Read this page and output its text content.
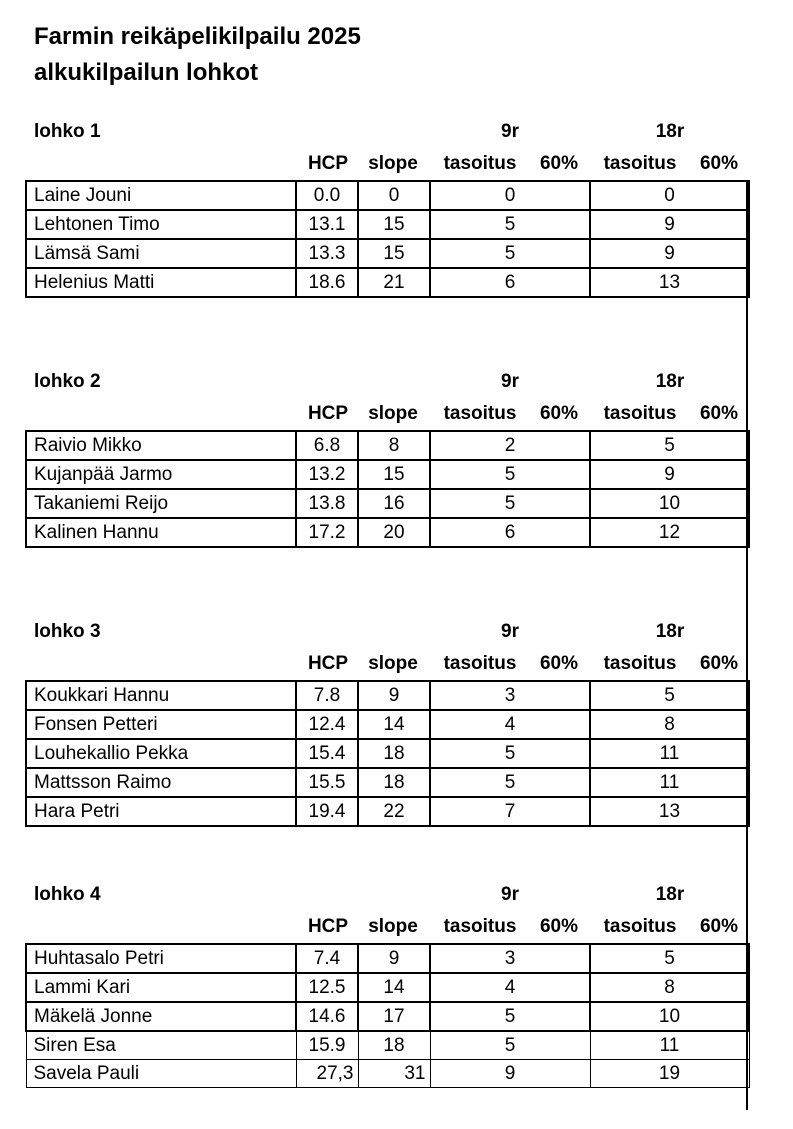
Farmin reikäpelikilpailu 2025
alkukilpailun lohkot
lohko 1	9r	18r
HCP	slope	tasoitus	60%	tasoitus	60%
Laine Jouni	0.0	0	0	0
Lehtonen Timo	13.1	15	5	9
Lämsä Sami	13.3	15	5	9
Helenius Matti	18.6	21	6	13
lohko 2	9r	18r
HCP	slope	tasoitus	60%	tasoitus	60%
Raivio Mikko	6.8	8	2	5
Kujanpää Jarmo	13.2	15	5	9
Takaniemi Reijo	13.8	16	5	10
Kalinen Hannu	17.2	20	6	12
lohko 3	9r	18r
HCP	slope	tasoitus	60%	tasoitus	60%
Koukkari Hannu	7.8	9	3	5
Fonsen Petteri	12.4	14	4	8
Louhekallio Pekka	15.4	18	5	11
Mattsson Raimo	15.5	18	5	11
Hara Petri	19.4	22	7	13
lohko 4	9r	18r
HCP	slope	tasoitus	60%	tasoitus	60%
Huhtasalo Petri	7.4	9	3	5
Lammi Kari	12.5	14	4	8
Mäkelä Jonne	14.6	17	5	10
Siren Esa	15.9	18	5	11
Savela Pauli	27,3	31	9	19
